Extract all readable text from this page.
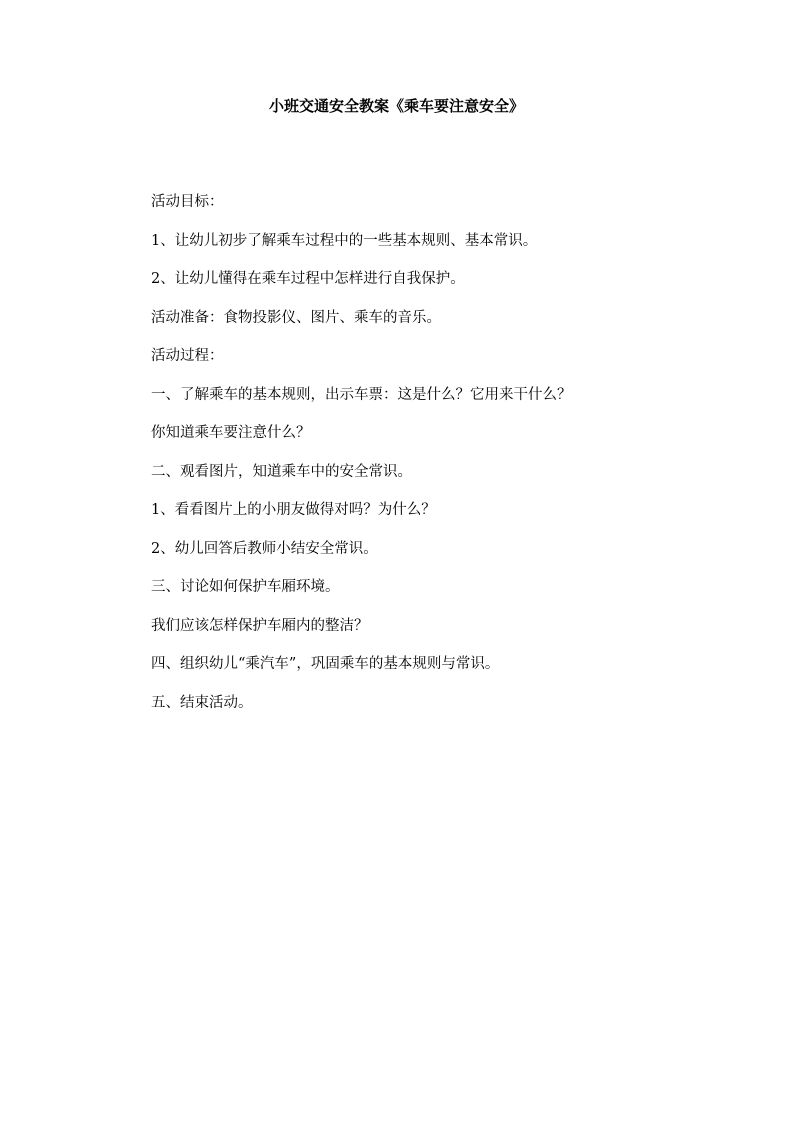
小班交通安全教案《乘车要注意安全》

活动目标：

1、让幼儿初步了解乘车过程中的一些基本规则、基本常识。

2、让幼儿懂得在乘车过程中怎样进行自我保护。

活动准备：食物投影仪、图片、乘车的音乐。

活动过程：

一、了解乘车的基本规则，出示车票：这是什么？它用来干什么？

你知道乘车要注意什么？

二、观看图片，知道乘车中的安全常识。

1、看看图片上的小朋友做得对吗？为什么？

2、幼儿回答后教师小结安全常识。

三、讨论如何保护车厢环境。

我们应该怎样保护车厢内的整洁？

四、组织幼儿“乘汽车”，巩固乘车的基本规则与常识。

五、结束活动。
